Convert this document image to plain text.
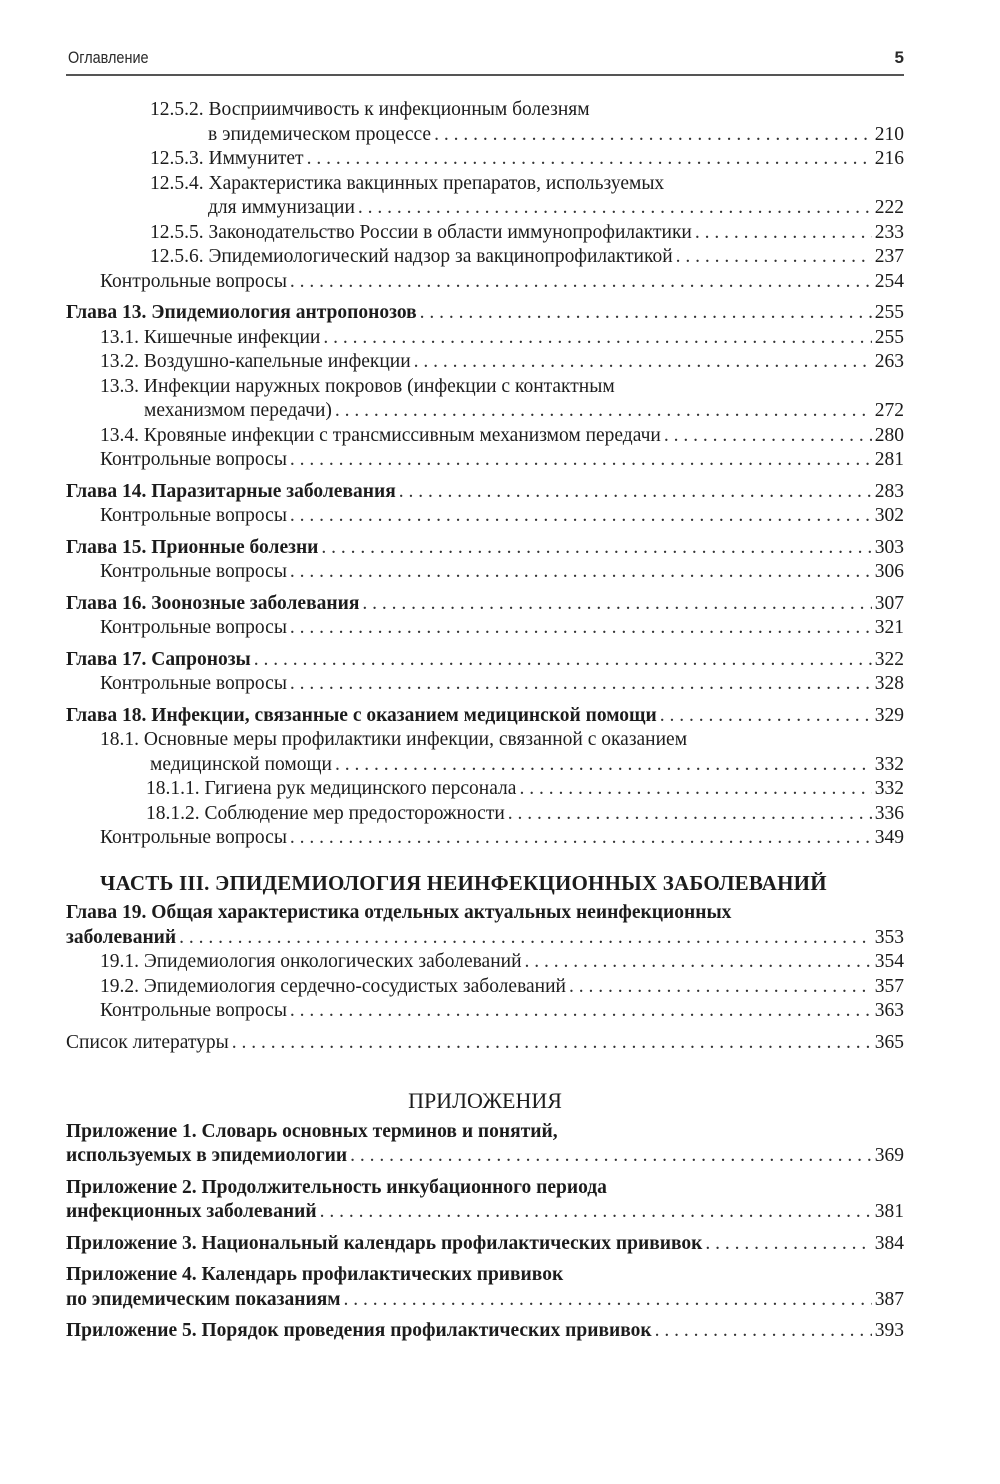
Оглавление	5
12.5.2. Восприимчивость к инфекционным болезням
в эпидемическом процессе . . .	210
12.5.3. Иммунитет . . .	216
12.5.4. Характеристика вакцинных препаратов, используемых
для иммунизации . . .	222
12.5.5. Законодательство России в области иммунопрофилактики . . .	233
12.5.6. Эпидемиологический надзор за вакцинопрофилактикой . . .	237
Контрольные вопросы . . .	254
Глава 13. Эпидемиология антропонозов . . .	255
13.1. Кишечные инфекции . . .	255
13.2. Воздушно-капельные инфекции . . .	263
13.3. Инфекции наружных покровов (инфекции с контактным
механизмом передачи) . . .	272
13.4. Кровяные инфекции с трансмиссивным механизмом передачи . . .	280
Контрольные вопросы . . .	281
Глава 14. Паразитарные заболевания . . .	283
Контрольные вопросы . . .	302
Глава 15. Прионные болезни . . .	303
Контрольные вопросы . . .	306
Глава 16. Зоонозные заболевания . . .	307
Контрольные вопросы . . .	321
Глава 17. Сапронозы . . .	322
Контрольные вопросы . . .	328
Глава 18. Инфекции, связанные с оказанием медицинской помощи . . .	329
18.1. Основные меры профилактики инфекции, связанной с оказанием
медицинской помощи . . .	332
18.1.1. Гигиена рук медицинского персонала . . .	332
18.1.2. Соблюдение мер предосторожности . . .	336
Контрольные вопросы . . .	349
ЧАСТЬ III. ЭПИДЕМИОЛОГИЯ НЕИНФЕКЦИОННЫХ ЗАБОЛЕВАНИЙ
Глава 19. Общая характеристика отдельных актуальных неинфекционных
заболеваний . . .	353
19.1. Эпидемиология онкологических заболеваний . . .	354
19.2. Эпидемиология сердечно-сосудистых заболеваний . . .	357
Контрольные вопросы . . .	363
Список литературы . . .	365
ПРИЛОЖЕНИЯ
Приложение 1. Словарь основных терминов и понятий,
используемых в эпидемиологии . . .	369
Приложение 2. Продолжительность инкубационного периода
инфекционных заболеваний . . .	381
Приложение 3. Национальный календарь профилактических прививок . . .	384
Приложение 4. Календарь профилактических прививок
по эпидемическим показаниям . . .	387
Приложение 5. Порядок проведения профилактических прививок . . .	393
